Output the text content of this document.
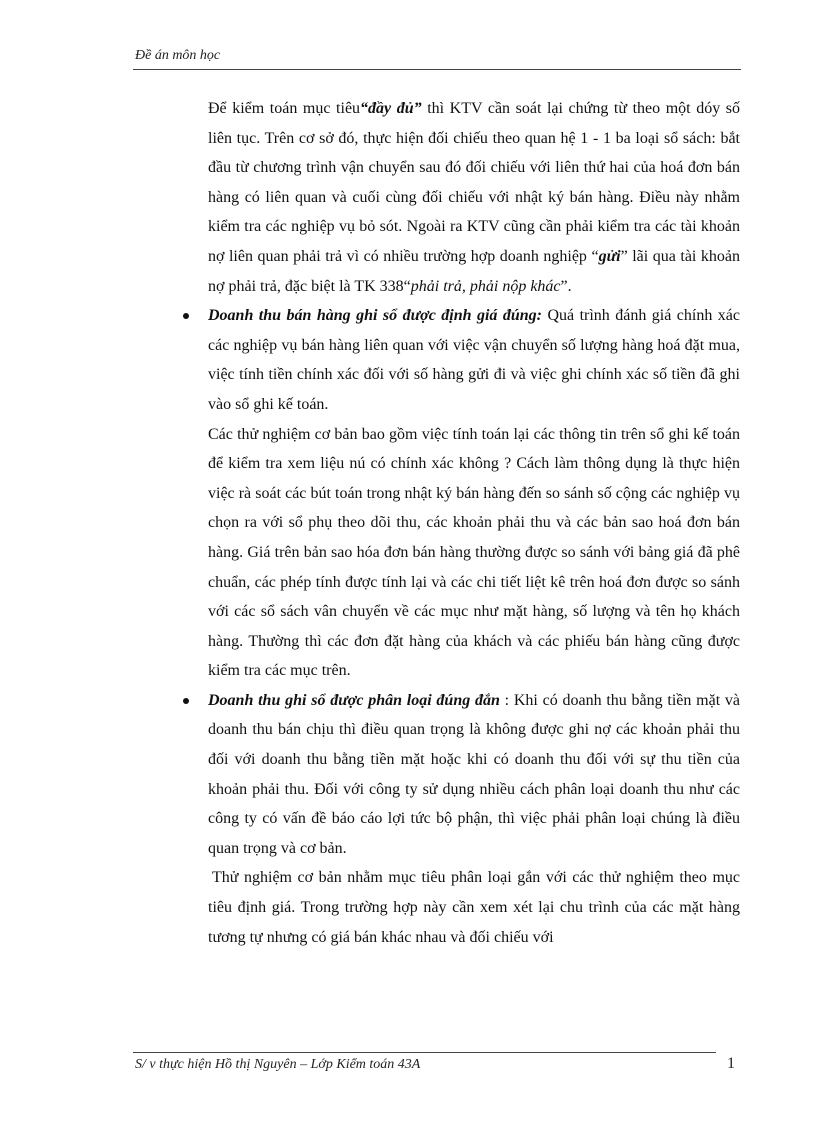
Đề án môn học

Để kiểm toán mục tiêu“đầy đủ” thì KTV cần soát lại chứng từ theo một dóy số liên tục. Trên cơ sở đó, thực hiện đối chiếu theo quan hệ 1 - 1 ba loại sổ sách: bắt đầu từ chương trình vận chuyển sau đó đối chiếu với liên thứ hai của hoá đơn bán hàng có liên quan và cuối cùng đối chiếu với nhật ký bán hàng. Điều này nhằm kiểm tra các nghiệp vụ bỏ sót. Ngoài ra KTV cũng cần phải kiểm tra các tài khoản nợ liên quan phải trả vì có nhiều trường hợp doanh nghiệp “gửi” lãi qua tài khoản nợ phải trả, đặc biệt là TK 338“phải trả, phải nộp khác”.

Doanh thu bán hàng ghi sổ được định giá đúng: Quá trình đánh giá chính xác các nghiệp vụ bán hàng liên quan với việc vận chuyển số lượng hàng hoá đặt mua, việc tính tiền chính xác đối với số hàng gửi đi và việc ghi chính xác số tiền đã ghi vào sổ ghi kế toán.

Các thử nghiệm cơ bản bao gồm việc tính toán lại các thông tin trên sổ ghi kế toán để kiểm tra xem liệu nú có chính xác không ? Cách làm thông dụng là thực hiện việc rà soát các bút toán trong nhật ký bán hàng đến so sánh số cộng các nghiệp vụ chọn ra với sổ phụ theo dõi thu, các khoản phải thu và các bản sao hoá đơn bán hàng. Giá trên bản sao hóa đơn bán hàng thường được so sánh với bảng giá đã phê chuẩn, các phép tính được tính lại và các chi tiết liệt kê trên hoá đơn được so sánh với các sổ sách vân chuyển về các mục như mặt hàng, số lượng và tên họ khách hàng. Thường thì các đơn đặt hàng của khách và các phiếu bán hàng cũng được kiểm tra các mục trên.

Doanh thu ghi sổ được phân loại đúng đắn : Khi có doanh thu bằng tiền mặt và doanh thu bán chịu thì điều quan trọng là không được ghi nợ các khoản phải thu đối với doanh thu bằng tiền mặt hoặc khi có doanh thu đối với sự thu tiền của khoản phải thu. Đối với công ty sử dụng nhiều cách phân loại doanh thu như các công ty có vấn đề báo cáo lợi tức bộ phận, thì việc phải phân loại chúng là điều quan trọng và cơ bản.

Thử nghiệm cơ bản nhằm mục tiêu phân loại gắn với các thử nghiệm theo mục tiêu định giá. Trong trường hợp này cần xem xét lại chu trình của các mặt hàng tương tự nhưng có giá bán khác nhau và đối chiếu với

S/ v thực hiện Hồ thị Nguyên – Lớp Kiểm toán 43A	1
